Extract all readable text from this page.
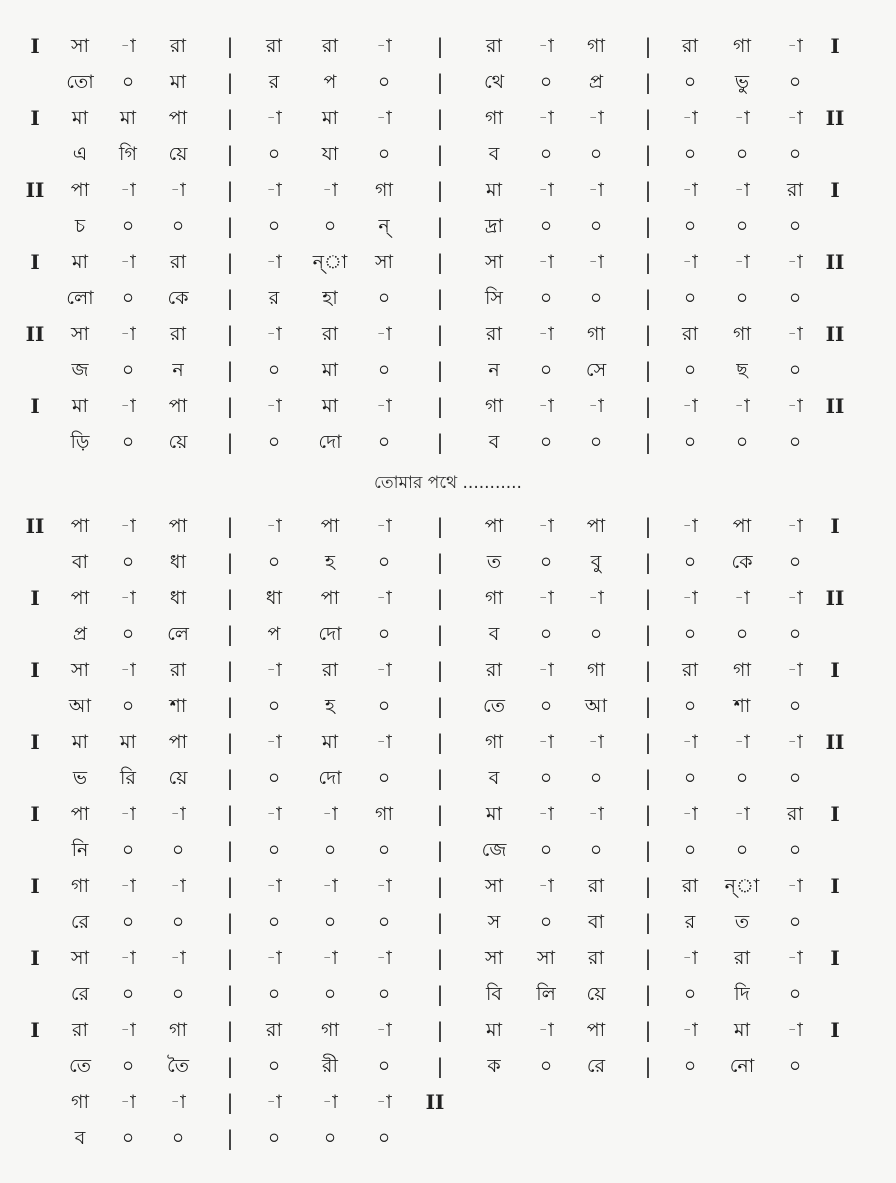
তোমার পথে ...........
I	সা	-া	রা	|	রা	রা	-া	|	রা	-া	গা	|	রা	গা	-া	I
তো	০	মা	|	র	প	০	|	থে	০	প্র	|	০	ভু	০
I	মা	মা	পা	|	-া	মা	-া	|	গা	-া	-া	|	-া	-া	-া	II
এ	গি	য়ে	|	০	যা	০	|	ব	০	০	|	০	০	০
II	পা	-া	-া	|	-া	-া	গা	|	মা	-া	-া	|	-া	-া	রা	I
চ	০	০	|	০	০	ন্	|	দ্রা	০	০	|	০	০	০
I	মা	-া	রা	|	-া	ন্া	সা	|	সা	-া	-া	|	-া	-া	-া	II
লো	০	কে	|	র	হা	০	|	সি	০	০	|	০	০	০
II	সা	-া	রা	|	-া	রা	-া	|	রা	-া	গা	|	রা	গা	-া	II
জ	০	ন	|	০	মা	০	|	ন	০	সে	|	০	ছ	০
I	মা	-া	পা	|	-া	মা	-া	|	গা	-া	-া	|	-া	-া	-া	II
ড়ি	০	য়ে	|	০	দো	০	|	ব	০	০	|	০	০	০
II	পা	-া	পা	|	-া	পা	-া	|	পা	-া	পা	|	-া	পা	-া	I
বা	০	ধা	|	০	হ	০	|	ত	০	বু	|	০	কে	০
I	পা	-া	ধা	|	ধা	পা	-া	|	গা	-া	-া	|	-া	-া	-া	II
প্র	০	লে	|	প	দো	০	|	ব	০	০	|	০	০	০
I	সা	-া	রা	|	-া	রা	-া	|	রা	-া	গা	|	রা	গা	-া	I
আ	০	শা	|	০	হ	০	|	তে	০	আ	|	০	শা	০
I	মা	মা	পা	|	-া	মা	-া	|	গা	-া	-া	|	-া	-া	-া	II
ভ	রি	য়ে	|	০	দো	০	|	ব	০	০	|	০	০	০
I	পা	-া	-া	|	-া	-া	গা	|	মা	-া	-া	|	-া	-া	রা	I
নি	০	০	|	০	০	০	|	জে	০	০	|	০	০	০
I	গা	-া	-া	|	-া	-া	-া	|	সা	-া	রা	|	রা	ন্া	-া	I
রে	০	০	|	০	০	০	|	স	০	বা	|	র	ত	০
I	সা	-া	-া	|	-া	-া	-া	|	সা	সা	রা	|	-া	রা	-া	I
রে	০	০	|	০	০	০	|	বি	লি	য়ে	|	০	দি	০
I	রা	-া	গা	|	রা	গা	-া	|	মা	-া	পা	|	-া	মা	-া	I
তে	০	তৈ	|	০	রী	০	|	ক	০	রে	|	০	নো	০
গা	-া	-া	|	-া	-া	-া	II
ব	০	০	|	০	০	০
